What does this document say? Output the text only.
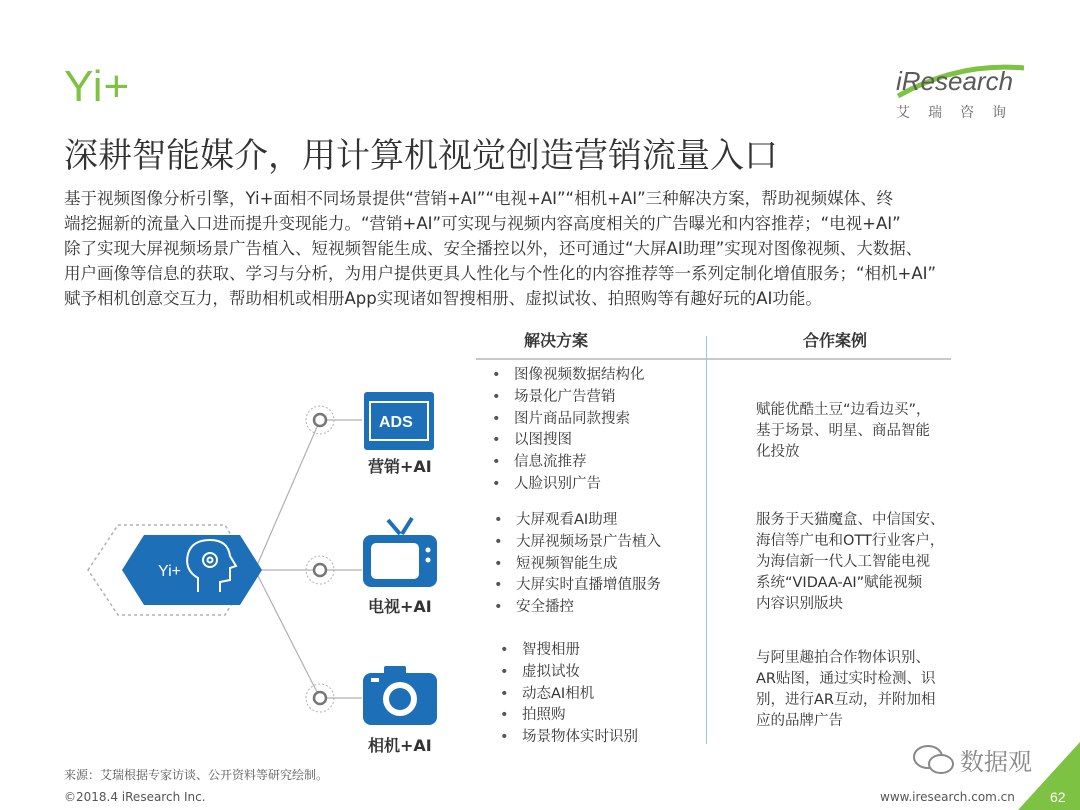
Yi+	iResearch
艾瑞咨询
深耕智能媒介，用计算机视觉创造营销流量入口
基于视频图像分析引擎，Yi+面相不同场景提供“营销+AI”“电视+AI”“相机+AI”三种解决方案，帮助视频媒体、终
端挖掘新的流量入口进而提升变现能力。“营销+AI”可实现与视频内容高度相关的广告曝光和内容推荐；“电视+AI”
除了实现大屏视频场景广告植入、短视频智能生成、安全播控以外，还可通过“大屏AI助理”实现对图像视频、大数据、
用户画像等信息的获取、学习与分析，为用户提供更具人性化与个性化的内容推荐等一系列定制化增值服务；“相机+AI”
赋予相机创意交互力，帮助相机或相册App实现诸如智搜相册、虚拟试妆、拍照购等有趣好玩的AI功能。
Yi+
ADS
营销+AI
电视+AI
相机+AI
解决方案	合作案例
• 图像视频数据结构化
• 场景化广告营销
• 图片商品同款搜索
• 以图搜图
• 信息流推荐
• 人脸识别广告
赋能优酷土豆“边看边买”，
基于场景、明星、商品智能
化投放
• 大屏观看AI助理
• 大屏视频场景广告植入
• 短视频智能生成
• 大屏实时直播增值服务
• 安全播控
服务于天猫魔盒、中信国安、
海信等广电和OTT行业客户，
为海信新一代人工智能电视
系统“VIDAA-AI”赋能视频
内容识别版块
• 智搜相册
• 虚拟试妆
• 动态AI相机
• 拍照购
• 场景物体实时识别
与阿里趣拍合作物体识别、
AR贴图，通过实时检测、识
别，进行AR互动，并附加相
应的品牌广告
来源：艾瑞根据专家访谈、公开资料等研究绘制。
©2018.4 iResearch Inc.	www.iresearch.com.cn
数据观
62
